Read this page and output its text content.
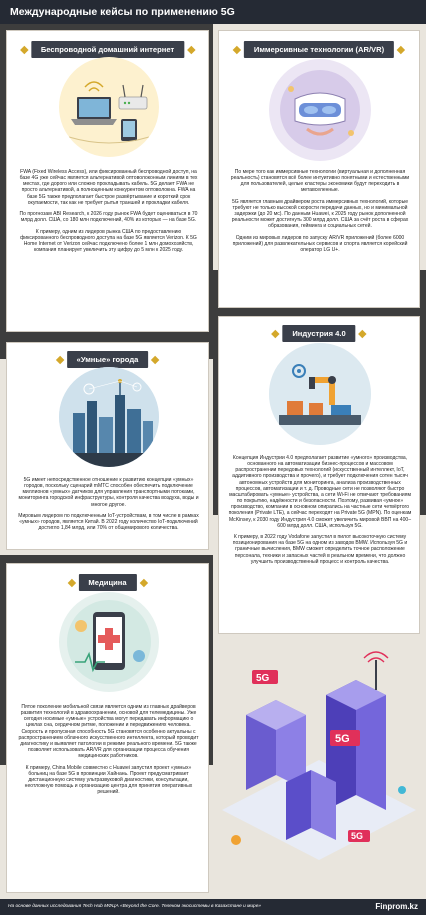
Международные кейсы по применению 5G
Беспроводной домашний интернет

FWA (Fixed Wireless Access), или фиксированный беспроводной доступ, на базе 4G уже сейчас является альтернативой оптоволоконным линиям в тех местах, где дорого или сложно прокладывать кабель. 5G делает FWA не просто альтернативой, а полноценным конкурентом оптоволокна. FWA на базе 5G также предполагает быстрое развёртывание и короткий срок окупаемости, так как не требует рытья траншей и прокладки кабеля.

По прогнозам ABI Research, к 2026 году рынок FWA будет оцениваться в 70 млрд долл. США, со 180 млн подключений, 40% из которых — на базе 5G.

К примеру, одним из лидеров рынка США по предоставлению фиксированного беспроводного доступа на базе 5G является Verizon. К 5G Home Internet от Verizon сейчас подключено более 1 млн домохозяйств, компания планирует увеличить эту цифру до 5 млн к 2025 году.

Иммерсивные технологии (AR/VR)

По мере того как иммерсивные технологии (виртуальная и дополненная реальность) становятся всё более интуитивно понятными и естественными для пользователей, целые кластеры экономики будут переходить в метавселенные.

5G является главным драйвером роста иммерсивных технологий, которые требуют не только высокой скорости передачи данных, но и минимальной задержки (до 20 мс). По данным Huawei, к 2025 году рынок дополненной реальности может достигнуть 300 млрд долл. США за счёт роста в сферах образования, гейминга и социальных сетей.

Одним из мировых лидеров по запуску AR/VR приложений (более 6000 приложений) для развлекательных сервисов и спорта является корейский оператор LG U+.

«Умные» города

5G имеет непосредственное отношение к развитию концепции «умных» городов, поскольку сценарий mMTC способен обеспечить подключение миллионов «умных» датчиков для управления транспортными потоками, мониторинга городской инфраструктуры, контроля качества воздуха, воды и многое другое.

Мировым лидером по подключенным IoT-устройствам, в том числе в рамках «умных» городов, является Китай. В 2022 году количество IoT-подключений достигло 1,84 млрд, или 70% от общемирового количества.

Индустрия 4.0

Концепция Индустрии 4.0 предполагает развитие «умного» производства, основанного на автоматизации бизнес-процессов и массовом распространении передовых технологий (искусственный интеллект, IoT, аддитивного производства и прочего), и требует подключения сотен тысяч автономных устройств для мониторинга, анализа производственных процессов, автоматизации и т. д. Проводные сети не позволяют быстро масштабировать «умные» устройства, а сети Wi-Fi не отвечают требованиям по покрытию, надёжности и безопасности. Поэтому, развивая «умное» производство, компании в основном опирались на частные сети четвёртого поколения (Private LTE), а сейчас переходят на Private 5G (MPN). По оценкам McKinsey, к 2030 году Индустрия 4.0 сможет увеличить мировой ВВП на 400–600 млрд долл. США, используя 5G.

К примеру, в 2022 году Vodafone запустил в пилот высокоточную систему позиционирования на базе 5G на одном из заводов BMW. Используя 5G и граничные вычисления, BMW сможет определить точное расположение персонала, техники и запасных частей в реальном времени, что должно улучшить производственный процесс и контроль качества.

Медицина

Пятое поколение мобильной связи является одним из главных драйверов развития технологий в здравоохранении, основой для телемедицины. Уже сегодня носимые «умные» устройства могут передавать информацию о циклах сна, сердечном ритме, положении и передвижениях человека. Скорость и пропускная способность 5G становятся особенно актуальны с распространением облачного искусственного интеллекта, который проводит диагностику и выявляет патологии в режиме реального времени. 5G также позволяет использовать AR/VR для организации процесса обучения медицинских работников.

К примеру, China Mobile совместно с Huawei запустил проект «умных» больниц на базе 5G в провинции Хайнань. Проект предусматривает дистанционную систему ультразвуковой диагностики, консультации, неотложную помощь и организацию центра для принятия оперативных решений.

5G
5G
5G
На основе данных исследования Tech Hub МФЦА «Beyond the Core. Телеком экосистемы в Казахстане и мире»	Finprom.kz
